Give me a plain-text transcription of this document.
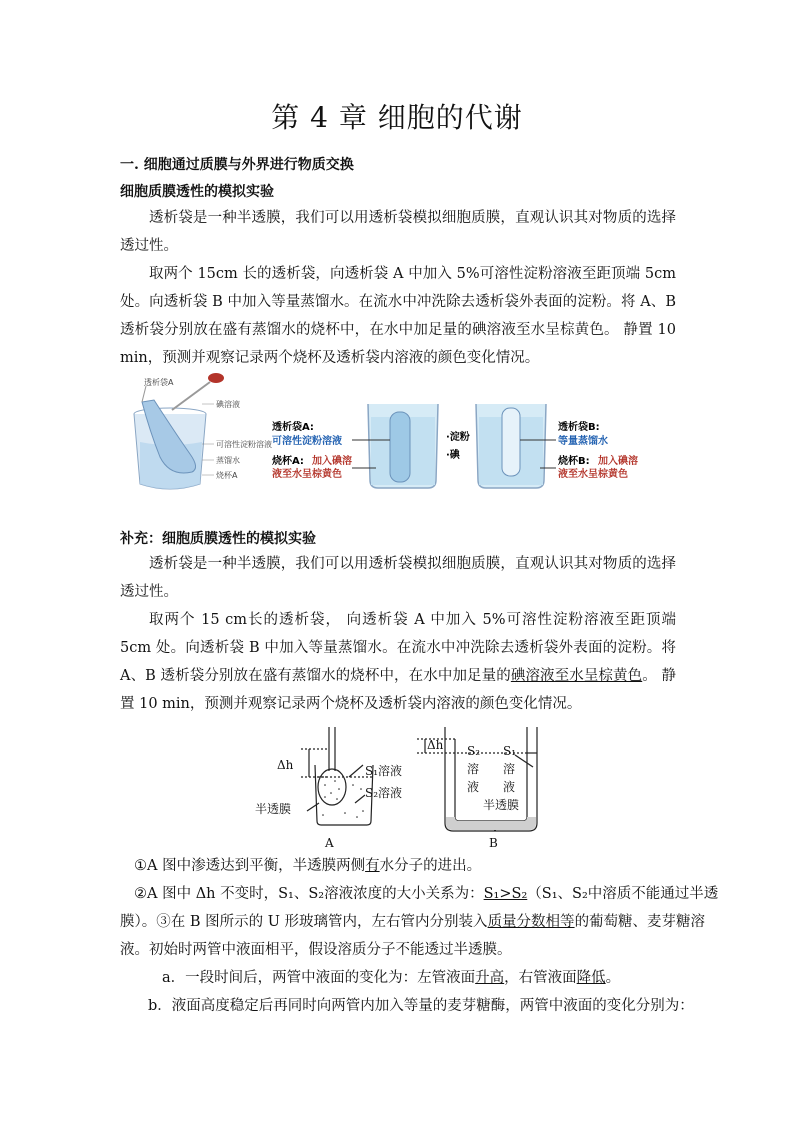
第 4 章 细胞的代谢
一. 细胞通过质膜与外界进行物质交换
细胞质膜透性的模拟实验
透析袋是一种半透膜，我们可以用透析袋模拟细胞质膜，直观认识其对物质的选择透过性。
取两个 15cm 长的透析袋，向透析袋 A 中加入 5%可溶性淀粉溶液至距顶端 5cm 处。向透析袋 B 中加入等量蒸馏水。在流水中冲洗除去透析袋外表面的淀粉。将 A、B 透析袋分别放在盛有蒸馏水的烧杯中，在水中加足量的碘溶液至水呈棕黄色。 静置 10 min，预测并观察记录两个烧杯及透析袋内溶液的颜色变化情况。
透析袋A
碘溶液
可溶性淀粉溶液
蒸馏水
烧杯A
透析袋A:
可溶性淀粉溶液
烧杯A: 加入碘溶
液至水呈棕黄色
·淀粉
·碘
透析袋B:
等量蒸馏水
烧杯B: 加入碘溶
液至水呈棕黄色
补充：细胞质膜透性的模拟实验
透析袋是一种半透膜，我们可以用透析袋模拟细胞质膜，直观认识其对物质的选择透过性。
取两个 15 cm长的透析袋， 向透析袋 A 中加入 5%可溶性淀粉溶液至距顶端 5cm 处。向透析袋 B 中加入等量蒸馏水。在流水中冲洗除去透析袋外表面的淀粉。将 A、B 透析袋分别放在盛有蒸馏水的烧杯中，在水中加足量的碘溶液至水呈棕黄色。 静置 10 min，预测并观察记录两个烧杯及透析袋内溶液的颜色变化情况。
Δh	S₁溶液
S₂溶液
半透膜
A
Δh S₂ S₁
溶 溶
液 液
半透膜
B
①A 图中渗透达到平衡，半透膜两侧有水分子的进出。
②A 图中 Δh 不变时，S₁、S₂溶液浓度的大小关系为：S₁>S₂（S₁、S₂中溶质不能通过半透
膜）。③在 B 图所示的 U 形玻璃管内，左右管内分别装入质量分数相等的葡萄糖、麦芽糖溶
液。初始时两管中液面相平，假设溶质分子不能透过半透膜。
a．一段时间后，两管中液面的变化为：左管液面升高，右管液面降低。
b．液面高度稳定后再同时向两管内加入等量的麦芽糖酶，两管中液面的变化分别为：
